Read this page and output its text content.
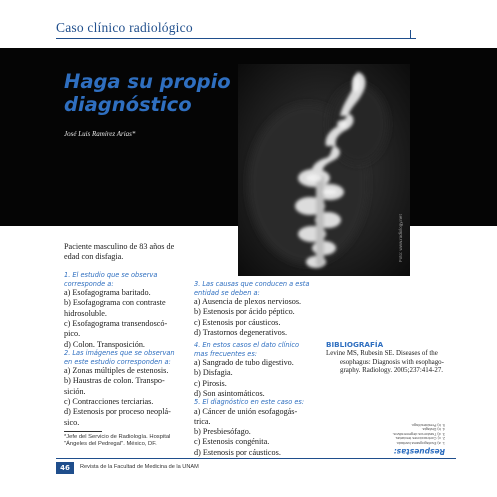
Caso clínico radiológico
Haga su propio
diagnóstico
José Luis Ramírez Arias*
Foto: www.radiology.net
Paciente masculino de 83 años de
edad con disfagia.
1. El estudio que se observa
corresponde a:
a) Esofagograma baritado.
b) Esofagograma con contraste
hidrosoluble.
c) Esofagograma transendoscó-
pico.
d) Colon. Transposición.
2. Las imágenes que se observan
en este estudio corresponden a:
a) Zonas múltiples de estenosis.
b) Haustras de colon. Transpo-
sición.
c) Contracciones terciarias.
d) Estenosis por proceso neoplá-
sico.
3. Las causas que conducen a esta
entidad se deben a:
a) Ausencia de plexos nerviosos.
b) Estenosis por ácido péptico.
c) Estenosis por cáusticos.
d) Trastornos degenerativos.
4. En estos casos el dato clínico
mas frecuentes es:
a) Sangrado de tubo digestivo.
b) Disfagia.
c) Pirosis.
d) Son asintomáticos.
5. El diagnóstico en este caso es:
a) Cáncer de unión esofagogás-
trica.
b) Presbiesófago.
c) Estenosis congénita.
d) Estenosis por cáusticos.
*Jefe del Servicio de Radiología. Hospital
"Ángeles del Pedregal". México, DF.
BIBLIOGRAFÍA
Levine MS, Rubesin SE. Diseases of the
esophagus: Diagnosis with esophago-
graphy. Radiology. 2005;237:414-27.
Respuestas:
1. a) Esofagograma baritado.
2. c) Contracciones terciarias.
3. d) Trastornos degenerativos.
4. b) Disfagia.
5. b) Presbiesófago.
46	Revista de la Facultad de Medicina de la UNAM
